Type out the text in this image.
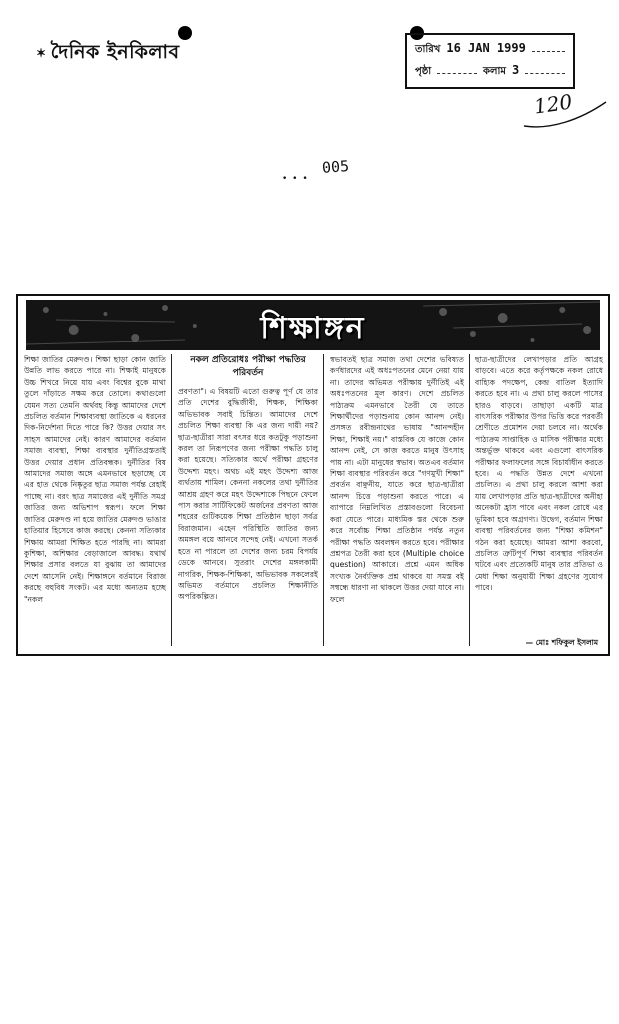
✶ দৈনিক ইনকিলাব	তারিখ 16 JAN 1999
পৃষ্ঠা	কলাম 3
120
• • •
005
শিক্ষাঙ্গন
শিক্ষা জাতির মেরুদণ্ড। শিক্ষা ছাড়া কোন জাতি উন্নতি লাভ করতে পারে না। শিক্ষাই মানুষকে উচ্চ শিখরে নিয়ে যায় এবং বিশ্বের বুকে মাথা তুলে দাঁড়াতে সক্ষম করে তোলে। কথাগুলো যেমন সত্য তেমনি অর্থবহ কিন্তু আমাদের দেশে প্রচলিত বর্তমান শিক্ষাব্যবস্থা জাতিকে এ ধরনের দিক-নির্দেশনা দিতে পারে কি? উত্তর দেয়ার সৎ সাহস আমাদের নেই। কারণ আমাদের বর্তমান সমাজ ব্যবস্থা, শিক্ষা ব্যবস্থার দুর্নীতিগ্রস্ততাই উত্তর দেয়ার প্রধান প্রতিবন্ধক। দুর্নীতির বিষ আমাদের সমাজ অঙ্গে এমনভাবে ছড়াচ্ছে যে এর হাত থেকে নিষ্কৃতুর ছাত্র সমাজ পর্যন্ত রেহাই পাচ্ছে না। বরং ছাত্র সমাজের এই দুর্নীতি সমগ্র জাতির জন্য অভিশাপ স্বরূপ। ফলে শিক্ষা জাতির মেরুদণ্ড না হয়ে জাতির মেরুদণ্ড ভাঙার হাতিয়ার হিসেবে কাজ করছে। কেননা সত্যিকার শিক্ষায় আমরা শিক্ষিত হতে পারছি না। আমরা কুশিক্ষা, অশিক্ষার বেড়াজালে আবদ্ধ। যথার্থ শিক্ষার প্রসার বলতে যা বুঝায় তা আমাদের দেশে আসেনি নেই। শিক্ষাঙ্গনে বর্তমানে বিরাজ করছে বহুবিধ সংকট। এর মধ্যে অন্যতম হচ্ছে "নকল
নকল প্রতিরোধঃ পরীক্ষা পদ্ধতির পরিবর্তন
প্রবণতা"। এ বিষয়টি এতো গুরুত্ব পূর্ণ যে তার প্রতি দেশের বুদ্ধিজীবী, শিক্ষক, শিক্ষিকা অভিভাবক সবাই চিন্তিত। আমাদের দেশে প্রচলিত শিক্ষা ব্যবস্থা কি এর জন্য দায়ী নয়? ছাত্র-ছাত্রীরা সারা বৎসর ধরে কতটুকু পড়াশুনা করল তা নিরূপণের জন্য পরীক্ষা পদ্ধতি চালু করা হয়েছে। সত্যিকার অর্থে পরীক্ষা গ্রহণের উদ্দেশ্য মহৎ। অথচ এই মহৎ উদ্দেশ্য আজ ব্যর্থতায় শামিল। কেননা নকলের তথা দুর্নীতির আশ্রয় গ্রহণ করে মহৎ উদ্দেশ্যকে পিছনে ফেলে পাস করার সার্টিফিকেট অর্জনের প্রবণতা আজ শহরের গুটিকয়েক শিক্ষা প্রতিষ্ঠান ছাড়া সর্বত্র বিরাজমান। এহেন পরিস্থিতি জাতির জন্য অমঙ্গল বয়ে আনবে সন্দেহ নেই। এখনো সতর্ক হতে না পারলে তা দেশের জন্য চরম বিপর্যয় ডেকে আনবে। সুতরাং দেশের মঙ্গলকামী নাগরিক, শিক্ষক-শিক্ষিকা, অভিভাবক সকলেরই অভিমত বর্তমানে প্রচলিত শিক্ষানীতি অপরিকল্পিত।
স্বভাবতই ছাত্র সমাজ তথা দেশের ভবিষ্যত কর্ণধারদের এই অধঃপতনের মেনে নেয়া যায় না। তাদের অভিমত পরীক্ষায় দুর্নীতিই এই অধঃপতনের মূল কারণ। দেশে প্রচলিত পাঠ্যক্রম এমনভাবে তৈরী যে তাতে শিক্ষার্থীদের পড়াশুনায় কোন আনন্দ নেই। প্রসঙ্গত রবীন্দ্রনাথের ভাষায় "আনন্দহীন শিক্ষা, শিক্ষাই নয়।" বাস্তবিক যে কাজে কোন আনন্দ নেই, সে কাজ করতে মানুষ উৎসাহ পায় না। এটা মানুষের স্বভাব। অতএব বর্তমান শিক্ষা ব্যবস্থার পরিবর্তন করে "গণমুখী শিক্ষা" প্রবর্তন বাঞ্ছনীয়, যাতে করে ছাত্র-ছাত্রীরা আনন্দ চিত্তে পড়াশুনা করতে পারে। এ ব্যাপারে নিম্নলিখিত প্রস্তাবগুলো বিবেচনা করা যেতে পারে। মাধ্যমিক স্তর থেকে শুরু করে সর্বোচ্চ শিক্ষা প্রতিষ্ঠান পর্যন্ত নতুন পরীক্ষা পদ্ধতি অবলম্বন করতে হবে। পরীক্ষার প্রশ্নপত্র তৈরী করা হবে (Multiple choice question) আকারে। প্রশ্নে এমন অধিক সংখ্যক নৈর্ব্যক্তিক প্রশ্ন থাকবে যা সমস্ত বই সম্বন্ধে ধারণা না থাকলে উত্তর দেয়া যাবে না। ফলে
ছাত্র-ছাত্রীদের লেখাপড়ার প্রতি আগ্রহ বাড়বে। এতে করে কর্তৃপক্ষকে নকল রোধে বাহ্যিক পদক্ষেপ, কেন্দ্র বাতিল ইত্যাদি করতে হবে না। এ প্রথা চালু করলে পাসের হারও বাড়বে। তাছাড়া একটি মাত্র বাৎসরিক পরীক্ষার উপর ভিত্তি করে পরবর্তী শ্রেণীতে প্রমোশন দেয়া চলবে না। অর্থেক পাঠ্যক্রম সাপ্তাহিক ও মাসিক পরীক্ষার মধ্যে অন্তর্ভুক্ত থাকবে এবং এগুলো বাৎসরিক পরীক্ষার ফলাফলের সঙ্গে বিচার্যাধীন করতে হবে। এ পদ্ধতি উন্নত দেশে এখনো প্রচলিত। এ প্রথা চালু করলে আশা করা যায় লেখাপড়ার প্রতি ছাত্র-ছাত্রীদের অনীহা অনেকটা হ্রাস পাবে এবং নকল রোধে এর ভূমিকা হবে অগ্রগণ্য। উদ্বেগ, বর্তমান শিক্ষা ব্যবস্থা পরিবর্তনের জন্য "শিক্ষা কমিশন" গঠন করা হয়েছে। আমরা আশা করবো, প্রচলিত ত্রুটিপূর্ণ শিক্ষা ব্যবস্থার পরিবর্তন ঘটবে এবং প্রত্যেকটি মানুষ তার প্রতিভা ও মেধা শিক্ষা অনুযায়ী শিক্ষা গ্রহণের সুযোগ পাবে।
— মোঃ শফিকুল ইসলাম
